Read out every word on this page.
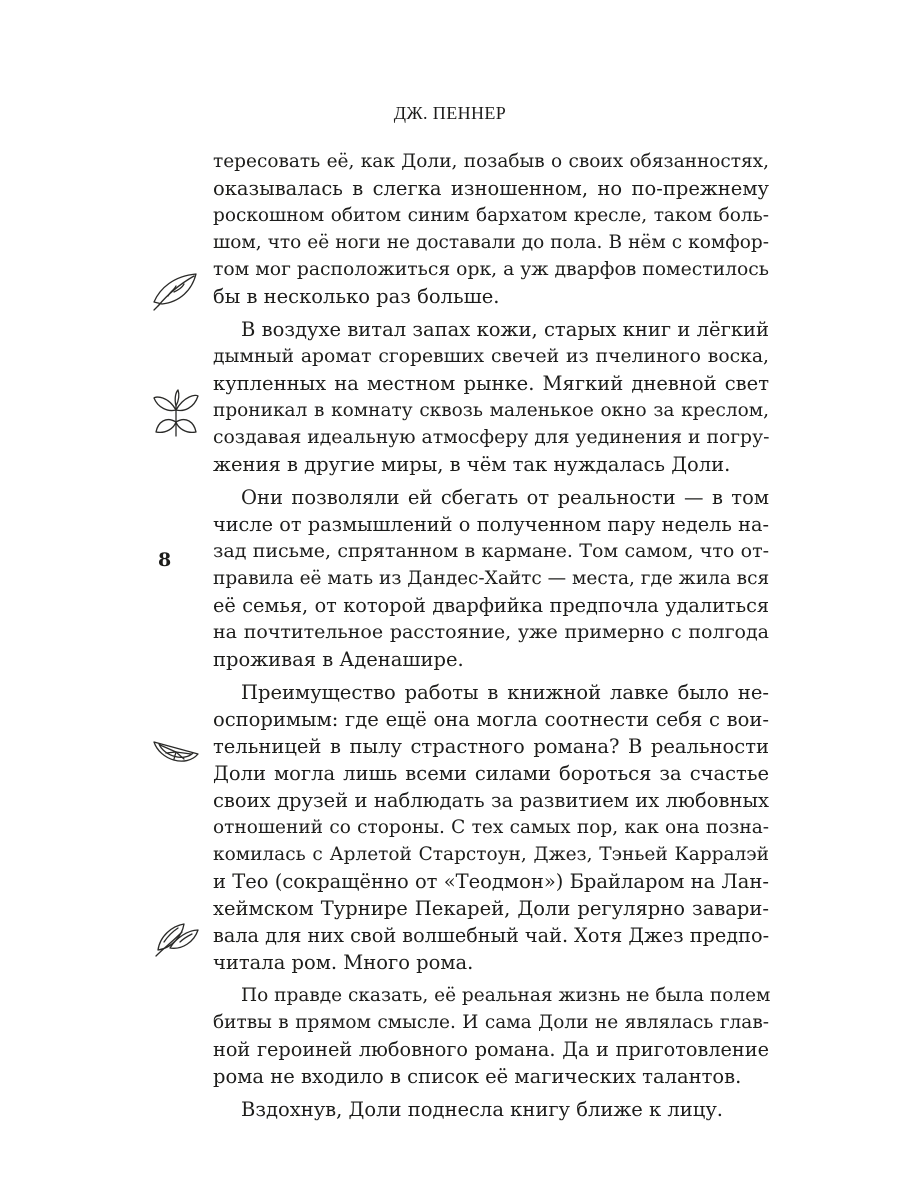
ДЖ. ПЕННЕР
8
тересовать её, как Доли, позабыв о своих обязанностях,
оказывалась в слегка изношенном, но по-прежнему
роскошном обитом синим бархатом кресле, таком боль-
шом, что её ноги не доставали до пола. В нём с комфор-
том мог расположиться орк, а уж дварфов поместилось
бы в несколько раз больше.
В воздухе витал запах кожи, старых книг и лёгкий
дымный аромат сгоревших свечей из пчелиного воска,
купленных на местном рынке. Мягкий дневной свет
проникал в комнату сквозь маленькое окно за креслом,
создавая идеальную атмосферу для уединения и погру-
жения в другие миры, в чём так нуждалась Доли.
Они позволяли ей сбегать от реальности — в том
числе от размышлений о полученном пару недель на-
зад письме, спрятанном в кармане. Том самом, что от-
правила её мать из Дандес-Хайтс — места, где жила вся
её семья, от которой дварфийка предпочла удалиться
на почтительное расстояние, уже примерно с полгода
проживая в Аденашире.
Преимущество работы в книжной лавке было не-
оспоримым: где ещё она могла соотнести себя с вои-
тельницей в пылу страстного романа? В реальности
Доли могла лишь всеми силами бороться за счастье
своих друзей и наблюдать за развитием их любовных
отношений со стороны. С тех самых пор, как она позна-
комилась с Арлетой Старстоун, Джез, Тэньей Карралэй
и Тео (сокращённо от «Теодмон») Брайларом на Лан-
хеймском Турнире Пекарей, Доли регулярно завари-
вала для них свой волшебный чай. Хотя Джез предпо-
читала ром. Много рома.
По правде сказать, её реальная жизнь не была полем
битвы в прямом смысле. И сама Доли не являлась глав-
ной героиней любовного романа. Да и приготовление
рома не входило в список её магических талантов.
Вздохнув, Доли поднесла книгу ближе к лицу.
